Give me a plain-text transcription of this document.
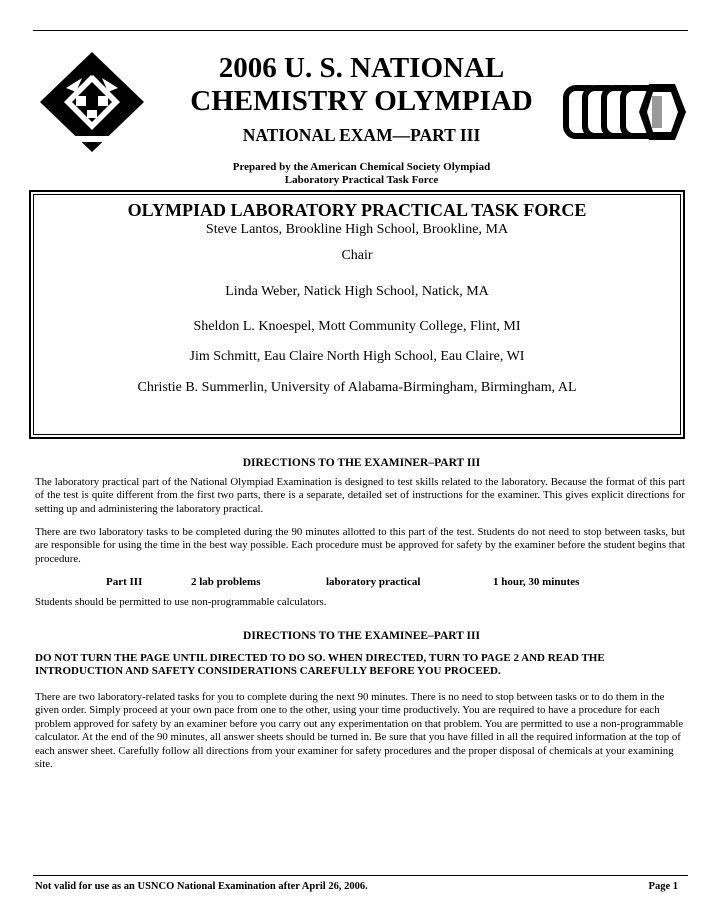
2006 U. S. NATIONAL
CHEMISTRY OLYMPIAD
NATIONAL EXAM—PART III
Prepared by the American Chemical Society Olympiad
Laboratory Practical Task Force
OLYMPIAD LABORATORY PRACTICAL TASK FORCE
Steve Lantos, Brookline High School, Brookline, MA
Chair
Linda Weber, Natick High School, Natick, MA
Sheldon L. Knoespel, Mott Community College, Flint, MI
Jim Schmitt, Eau Claire North High School, Eau Claire, WI
Christie B. Summerlin, University of Alabama-Birmingham, Birmingham, AL
DIRECTIONS TO THE EXAMINER–PART III
The laboratory practical part of the National Olympiad Examination is designed to test skills related to the laboratory. Because the format of this part of the test is quite different from the first two parts, there is a separate, detailed set of instructions for the examiner. This gives explicit directions for setting up and administering the laboratory practical.
There are two laboratory tasks to be completed during the 90 minutes allotted to this part of the test. Students do not need to stop between tasks, but are responsible for using the time in the best way possible. Each procedure must be approved for safety by the examiner before the student begins that procedure.
Part III	2 lab problems	laboratory practical	1 hour, 30 minutes
Students should be permitted to use non-programmable calculators.
DIRECTIONS TO THE EXAMINEE–PART III
DO NOT TURN THE PAGE UNTIL DIRECTED TO DO SO. WHEN DIRECTED, TURN TO PAGE 2 AND READ THE INTRODUCTION AND SAFETY CONSIDERATIONS CAREFULLY BEFORE YOU PROCEED.
There are two laboratory-related tasks for you to complete during the next 90 minutes. There is no need to stop between tasks or to do them in the given order. Simply proceed at your own pace from one to the other, using your time productively. You are required to have a procedure for each problem approved for safety by an examiner before you carry out any experimentation on that problem. You are permitted to use a non-programmable calculator. At the end of the 90 minutes, all answer sheets should be turned in. Be sure that you have filled in all the required information at the top of each answer sheet. Carefully follow all directions from your examiner for safety procedures and the proper disposal of chemicals at your examining site.
Not valid for use as an USNCO National Examination after April 26, 2006.	Page 1
